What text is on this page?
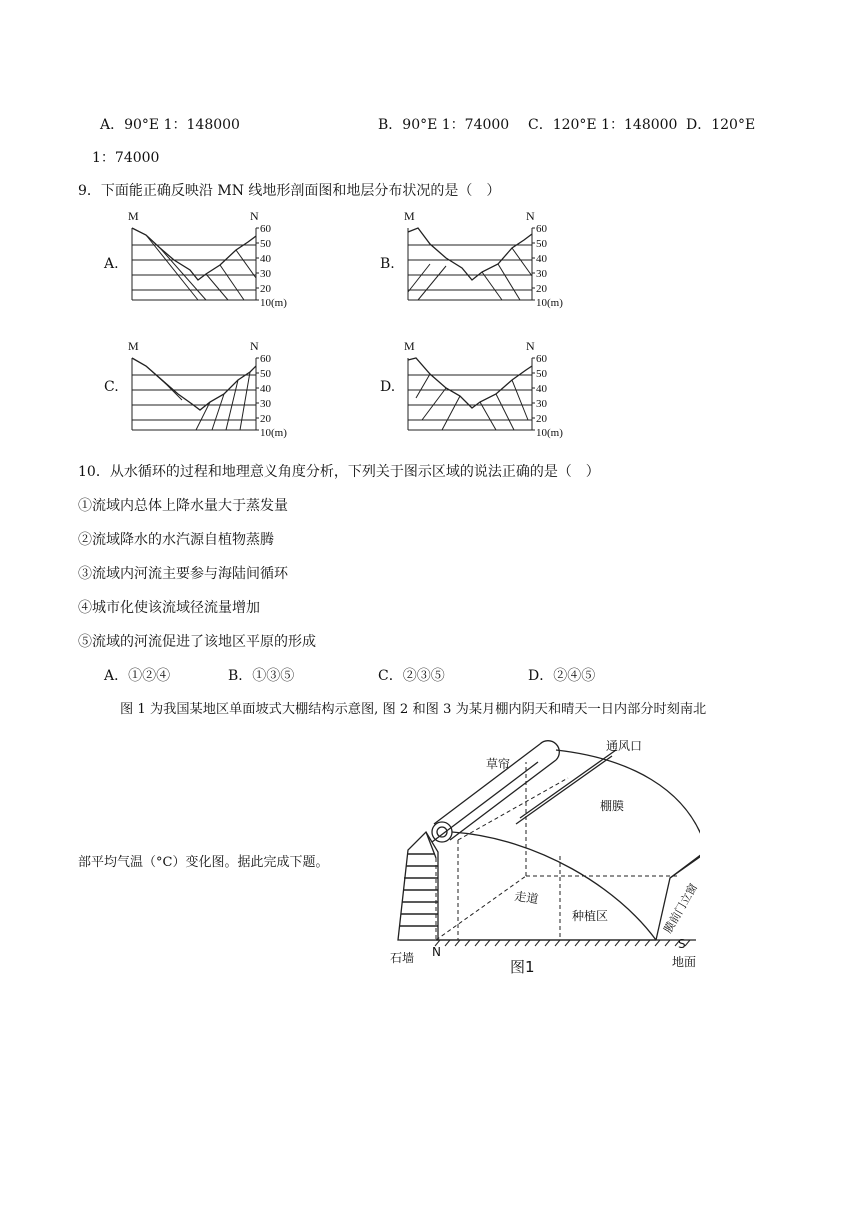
A．90°E 1：148000	B．90°E 1：74000 C．120°E 1：148000 D．120°E
1：74000
9．下面能正确反映沿 MN 线地形剖面图和地层分布状况的是（　）
A.	B.
C.	D.
M	N
60
50
40
30
20
10(m)
M	N
60
50
40
30
20
10(m)
M	N
60
50
40
30
20
10(m)
M	N
60
50
40
30
20
10(m)
10．从水循环的过程和地理意义角度分析，下列关于图示区域的说法正确的是（　）
①流域内总体上降水量大于蒸发量
②流域降水的水汽源自植物蒸腾
③流域内河流主要参与海陆间循环
④城市化使该流域径流量增加
⑤流域的河流促进了该地区平原的形成
A．①②④	B．①③⑤	C．②③⑤	D．②④⑤
图 1 为我国某地区单面坡式大棚结构示意图, 图 2 和图 3 为某月棚内阴天和晴天一日内部分时刻南北
部平均气温（°C）变化图。据此完成下题。
草帘
通风口
棚膜
走道
种植区	膜前门立窗
石墙 N
S
地面
图1
